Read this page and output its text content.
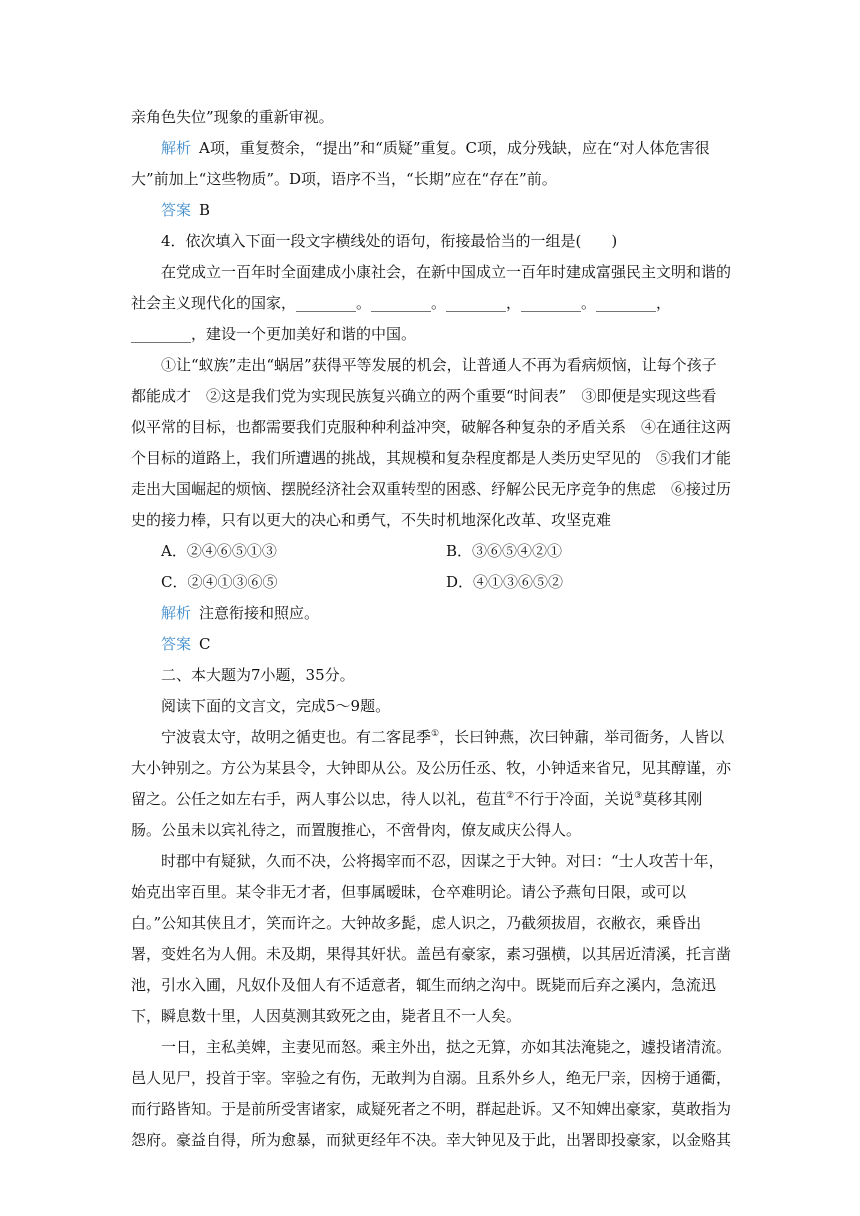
亲角色失位”现象的重新审视。

解析 A项，重复赘余，“提出”和“质疑”重复。C项，成分残缺，应在“对人体危害很大”前加上“这些物质”。D项，语序不当，“长期”应在“存在”前。

答案 B

4．依次填入下面一段文字横线处的语句，衔接最恰当的一组是(　　)

在党成立一百年时全面建成小康社会，在新中国成立一百年时建成富强民主文明和谐的社会主义现代化的国家，________。________。________，________。________，________，建设一个更加美好和谐的中国。

①让“蚁族”走出“蜗居”获得平等发展的机会，让普通人不再为看病烦恼，让每个孩子都能成才　②这是我们党为实现民族复兴确立的两个重要“时间表”　③即便是实现这些看似平常的目标，也都需要我们克服种种利益冲突，破解各种复杂的矛盾关系　④在通往这两个目标的道路上，我们所遭遇的挑战，其规模和复杂程度都是人类历史罕见的　⑤我们才能走出大国崛起的烦恼、摆脱经济社会双重转型的困惑、纾解公民无序竞争的焦虑　⑥接过历史的接力棒，只有以更大的决心和勇气，不失时机地深化改革、攻坚克难

A．②④⑥⑤①③	B．③⑥⑤④②①
C．②④①③⑥⑤	D．④①③⑥⑤②

解析 注意衔接和照应。

答案 C

二、本大题为7小题，35分。

阅读下面的文言文，完成5～9题。

宁波袁太守，故明之循吏也。有二客昆季①，长曰钟燕，次曰钟鼐，举司衙务，人皆以大小钟别之。方公为某县令，大钟即从公。及公历任丞、牧，小钟适来省兄，见其醇谨，亦留之。公任之如左右手，两人事公以忠，待人以礼，苞苴②不行于冷面，关说③莫移其刚肠。公虽未以宾礼待之，而置腹推心，不啻骨肉，僚友咸庆公得人。

时郡中有疑狱，久而不决，公将揭宰而不忍，因谋之于大钟。对曰：“士人攻苦十年，始克出宰百里。某令非无才者，但事属暧昧，仓卒难明论。请公予燕旬日限，或可以白。”公知其侠且才，笑而许之。大钟故多髭，虑人识之，乃截须拔眉，衣敝衣，乘昏出署，变姓名为人佣。未及期，果得其奸状。盖邑有豪家，素习强横，以其居近清溪，托言凿池，引水入圃，凡奴仆及佃人有不适意者，辄生而纳之沟中。既毙而后弃之溪内，急流迅下，瞬息数十里，人因莫测其致死之由，毙者且不一人矣。

一日，主私美婢，主妻见而怒。乘主外出，挞之无算，亦如其法淹毙之，遽投诸清流。邑人见尸，投首于宰。宰验之有伤，无敢判为自溺。且系外乡人，绝无尸亲，因榜于通衢，而行路皆知。于是前所受害诸家，咸疑死者之不明，群起赴诉。又不知婢出豪家，莫敢指为怨府。豪益自得，所为愈暴，而狱更经年不决。幸大钟见及于此，出署即投豪家，以金赂其
